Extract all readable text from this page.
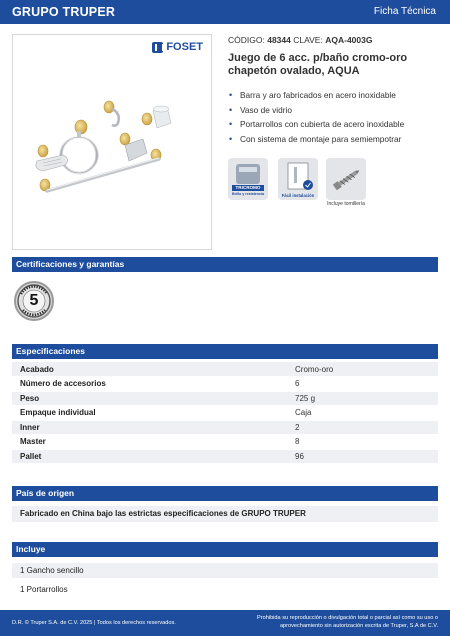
GRUPO TRUPER	Ficha Técnica
FOSET
CÓDIGO: 48344 CLAVE: AQA-4003G
Juego de 6 acc. p/baño cromo-oro chapetón ovalado, AQUA
• Barra y aro fabricados en acero inoxidable
• Vaso de vidrio
• Portarrollos con cubierta de acero inoxidable
• Con sistema de montaje para semiempotrar
TRICROMO
Brillo y resistencia	Fácil instalación
Incluye tornillería
Certificaciones y garantías
5
Especificaciones
Acabado	Cromo-oro
Número de accesorios	6
Peso	725 g
Empaque individual	Caja
Inner	2
Master	8
Pallet	96
País de origen
Fabricado en China bajo las estrictas especificaciones de GRUPO TRUPER
Incluye
1 Gancho sencillo
1 Portarrollos
D.R. © Truper S.A. de C.V. 2025 | Todos los derechos reservados.
Prohibida su reproducción o divulgación total o parcial así como su uso o aprovechamiento sin autorización escrita de Truper, S.A de C.V.
